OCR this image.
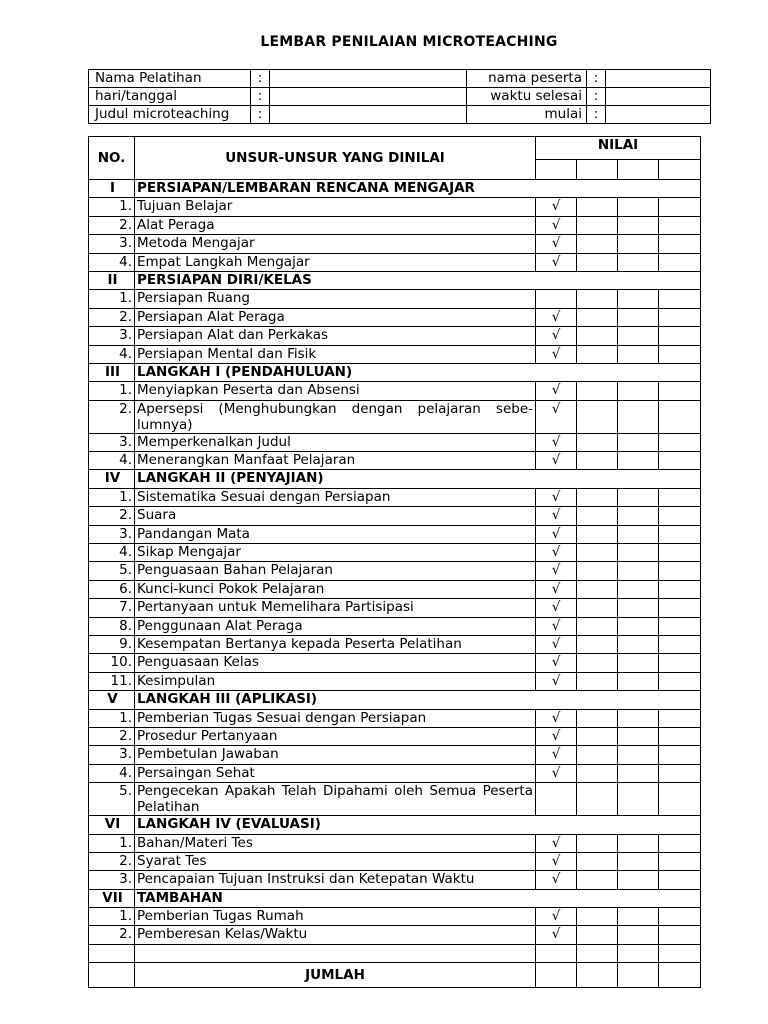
LEMBAR PENILAIAN MICROTEACHING
Nama Pelatihan	:		nama peserta	:	
hari/tanggal	:		waktu selesai	:	
Judul microteaching	:		mulai	:	
NO.	UNSUR-UNSUR YANG DINILAI	NILAI			

I	PERSIAPAN/LEMBARAN RENCANA MENGAJAR				
1.	Tujuan Belajar	√			
2.	Alat Peraga	√			
3.	Metoda Mengajar	√			
4.	Empat Langkah Mengajar	√			
II	PERSIAPAN DIRI/KELAS				
1.	Persiapan Ruang				
2.	Persiapan Alat Peraga	√			
3.	Persiapan Alat dan Perkakas	√			
4.	Persiapan Mental dan Fisik	√			
III	LANGKAH I (PENDAHULUAN)				
1.	Menyiapkan Peserta dan Absensi	√			
2.	Apersepsi (Menghubungkan dengan pelajaran sebe-lumnya)	√			
3.	Memperkenalkan Judul	√			
4.	Menerangkan Manfaat Pelajaran	√			
IV	LANGKAH II (PENYAJIAN)				
1.	Sistematika Sesuai dengan Persiapan	√			
2.	Suara	√			
3.	Pandangan Mata	√			
4.	Sikap Mengajar	√			
5.	Penguasaan Bahan Pelajaran	√			
6.	Kunci-kunci Pokok Pelajaran	√			
7.	Pertanyaan untuk Memelihara Partisipasi	√			
8.	Penggunaan Alat Peraga	√			
9.	Kesempatan Bertanya kepada Peserta Pelatihan	√			
10.	Penguasaan Kelas	√			
11.	Kesimpulan	√			
V	LANGKAH III (APLIKASI)				
1.	Pemberian Tugas Sesuai dengan Persiapan	√			
2.	Prosedur Pertanyaan	√			
3.	Pembetulan Jawaban	√			
4.	Persaingan Sehat	√			
5.	Pengecekan Apakah Telah Dipahami oleh Semua Peserta Pelatihan				
VI	LANGKAH IV (EVALUASI)				
1.	Bahan/Materi Tes	√			
2.	Syarat Tes	√			
3.	Pencapaian Tujuan Instruksi dan Ketepatan Waktu	√			
VII	TAMBAHAN				
1.	Pemberian Tugas Rumah	√			
2.	Pemberesan Kelas/Waktu	√			

	JUMLAH				
